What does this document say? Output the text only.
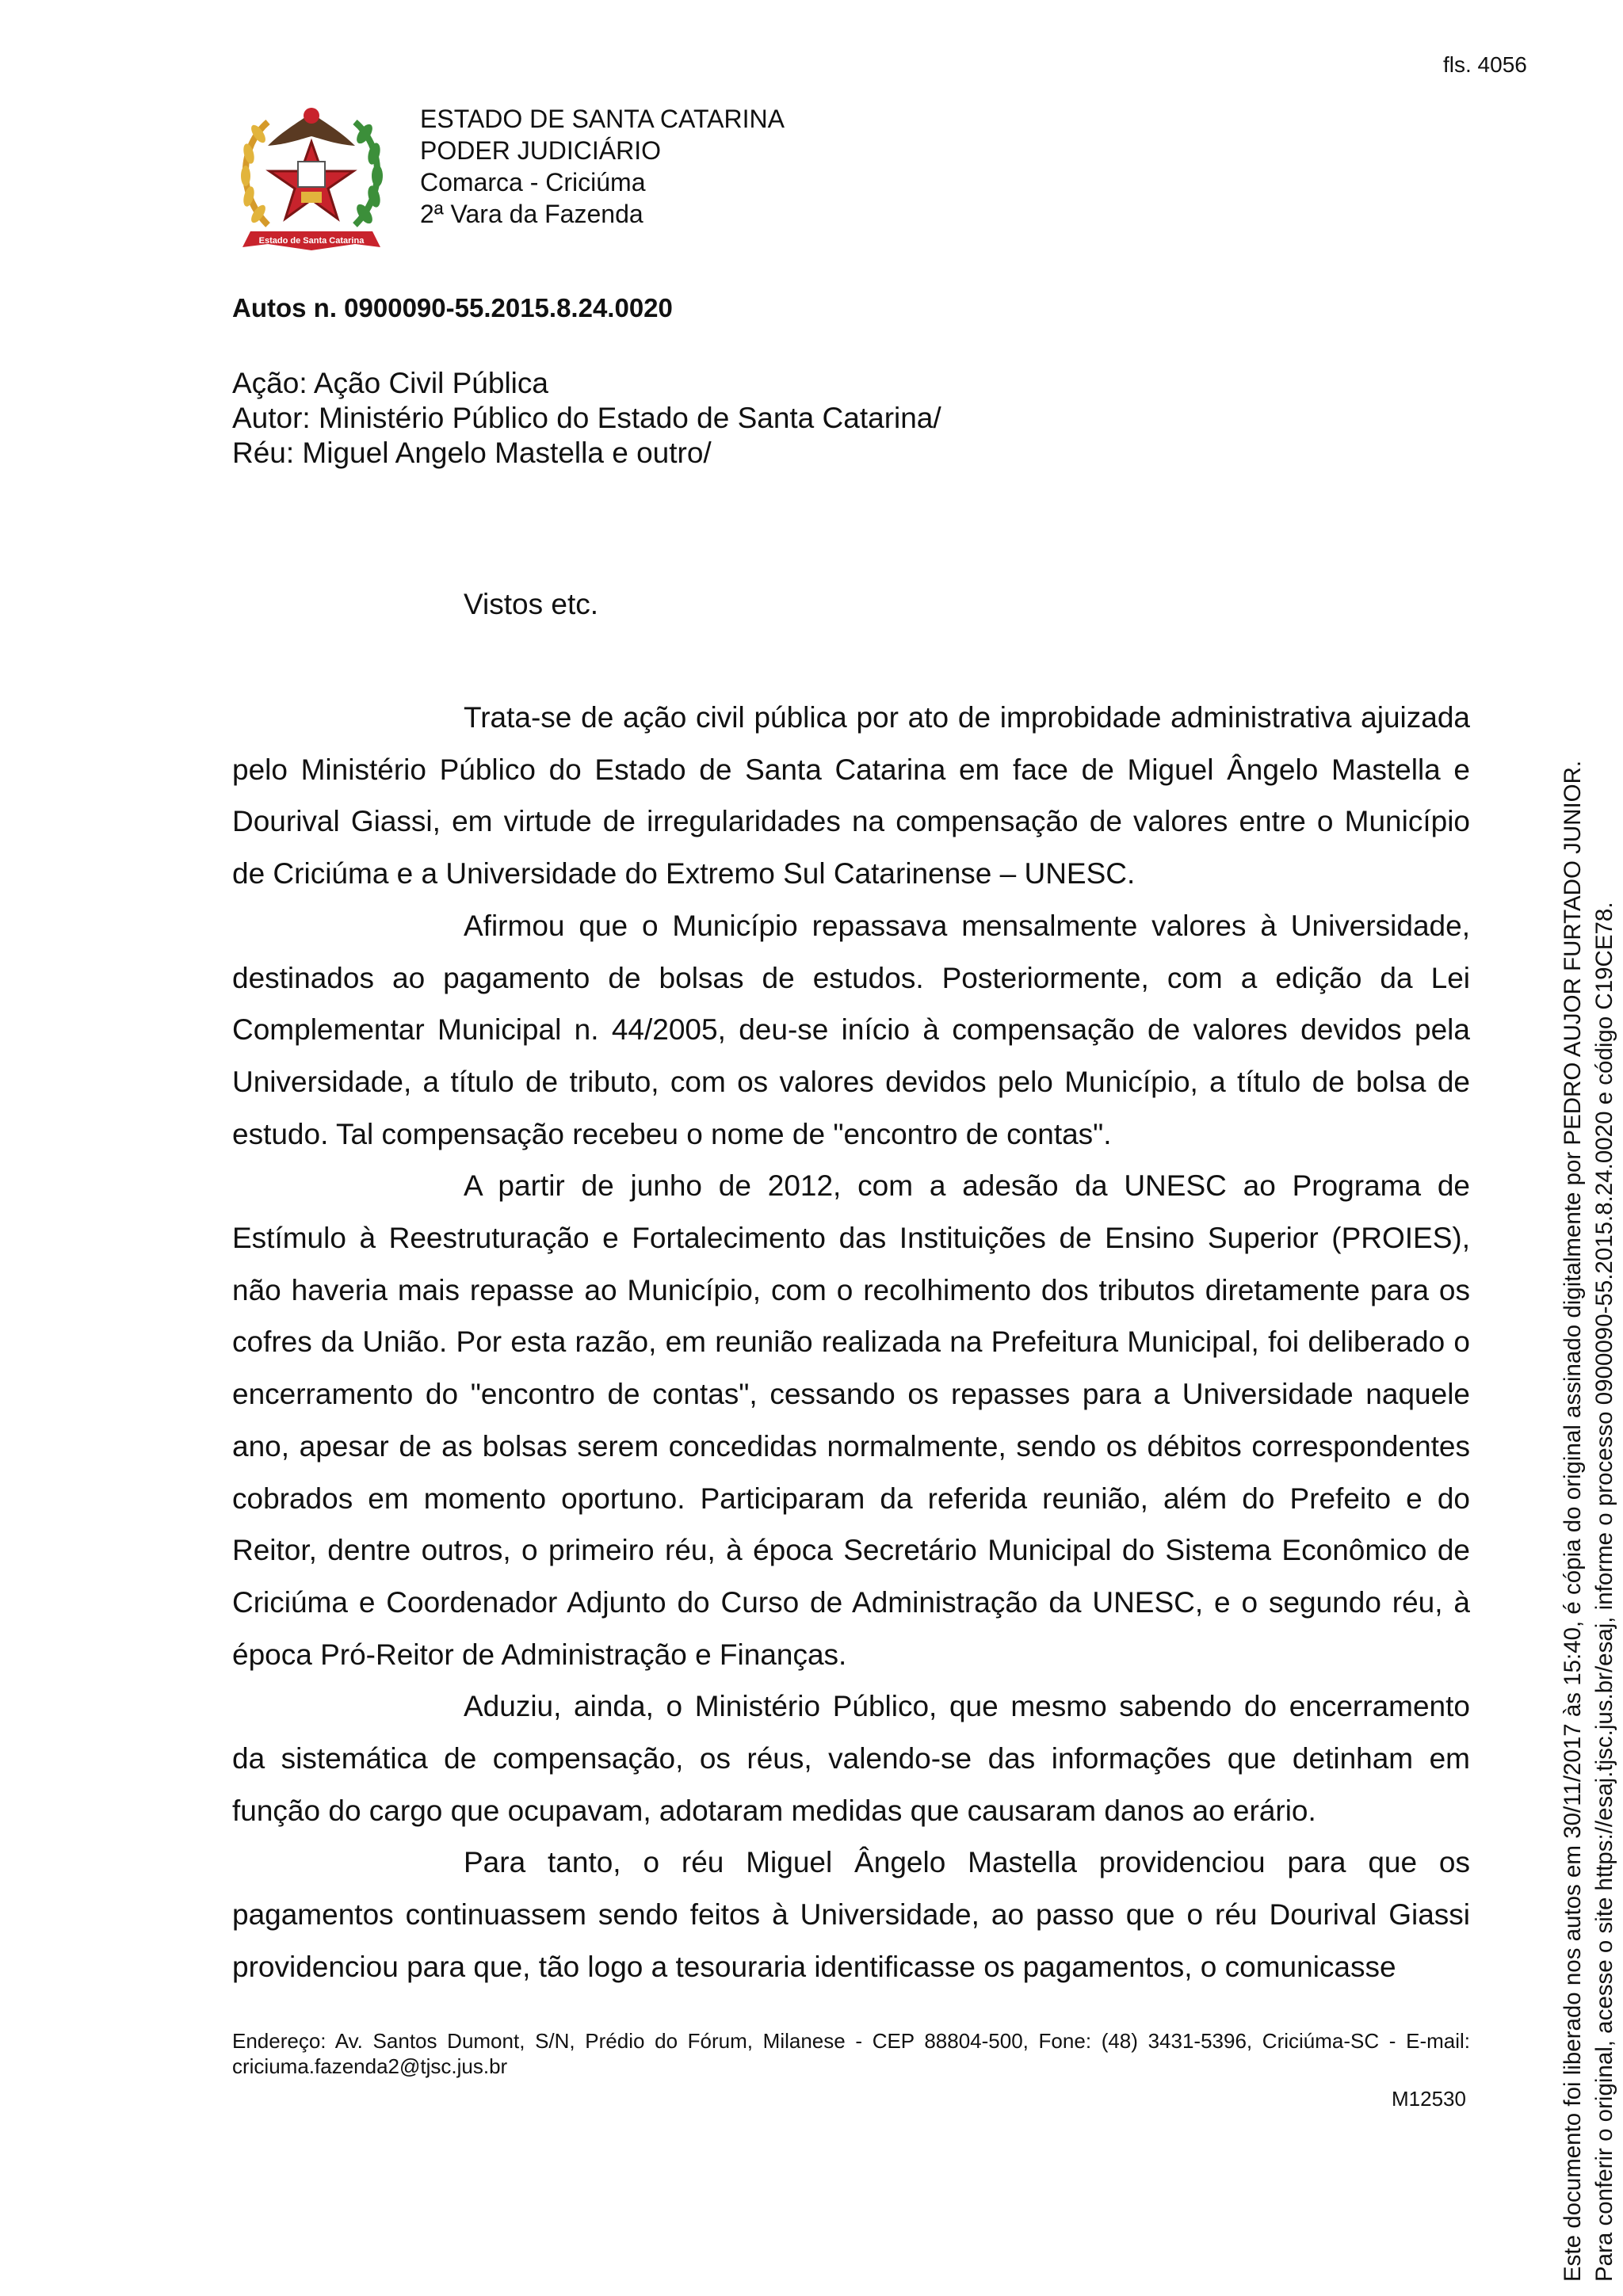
fls. 4056
Estado de Santa Catarina
ESTADO DE SANTA CATARINA
PODER JUDICIÁRIO
Comarca - Criciúma
2ª Vara da Fazenda
Autos n. 0900090-55.2015.8.24.0020
Ação: Ação Civil Pública
Autor: Ministério Público do Estado de Santa Catarina/
Réu: Miguel Angelo Mastella e outro/
Vistos etc.

Trata-se de ação civil pública por ato de improbidade administrativa ajuizada pelo Ministério Público do Estado de Santa Catarina em face de Miguel Ângelo Mastella e Dourival Giassi, em virtude de irregularidades na compensação de valores entre o Município de Criciúma e a Universidade do Extremo Sul Catarinense – UNESC.

Afirmou que o Município repassava mensalmente valores à Universidade, destinados ao pagamento de bolsas de estudos. Posteriormente, com a edição da Lei Complementar Municipal n. 44/2005, deu-se início à compensação de valores devidos pela Universidade, a título de tributo, com os valores devidos pelo Município, a título de bolsa de estudo. Tal compensação recebeu o nome de "encontro de contas".

A partir de junho de 2012, com a adesão da UNESC ao Programa de Estímulo à Reestruturação e Fortalecimento das Instituições de Ensino Superior (PROIES), não haveria mais repasse ao Município, com o recolhimento dos tributos diretamente para os cofres da União. Por esta razão, em reunião realizada na Prefeitura Municipal, foi deliberado o encerramento do "encontro de contas", cessando os repasses para a Universidade naquele ano, apesar de as bolsas serem concedidas normalmente, sendo os débitos correspondentes cobrados em momento oportuno. Participaram da referida reunião, além do Prefeito e do Reitor, dentre outros, o primeiro réu, à época Secretário Municipal do Sistema Econômico de Criciúma e Coordenador Adjunto do Curso de Administração da UNESC, e o segundo réu, à época Pró-Reitor de Administração e Finanças.

Aduziu, ainda, o Ministério Público, que mesmo sabendo do encerramento da sistemática de compensação, os réus, valendo-se das informações que detinham em função do cargo que ocupavam, adotaram medidas que causaram danos ao erário.

Para tanto, o réu Miguel Ângelo Mastella providenciou para que os pagamentos continuassem sendo feitos à Universidade, ao passo que o réu Dourival Giassi providenciou para que, tão logo a tesouraria identificasse os pagamentos, o comunicasse

Endereço: Av. Santos Dumont, S/N, Prédio do Fórum, Milanese - CEP 88804-500, Fone: (48) 3431-5396, Criciúma-SC - E-mail: criciuma.fazenda2@tjsc.jus.br
M12530	Este documento foi liberado nos autos em 30/11/2017 às 15:40, é cópia do original assinado digitalmente por PEDRO AUJOR FURTADO JUNIOR. Para conferir o original, acesse o site https://esaj.tjsc.jus.br/esaj, informe o processo 0900090-55.2015.8.24.0020 e código C19CE78.
